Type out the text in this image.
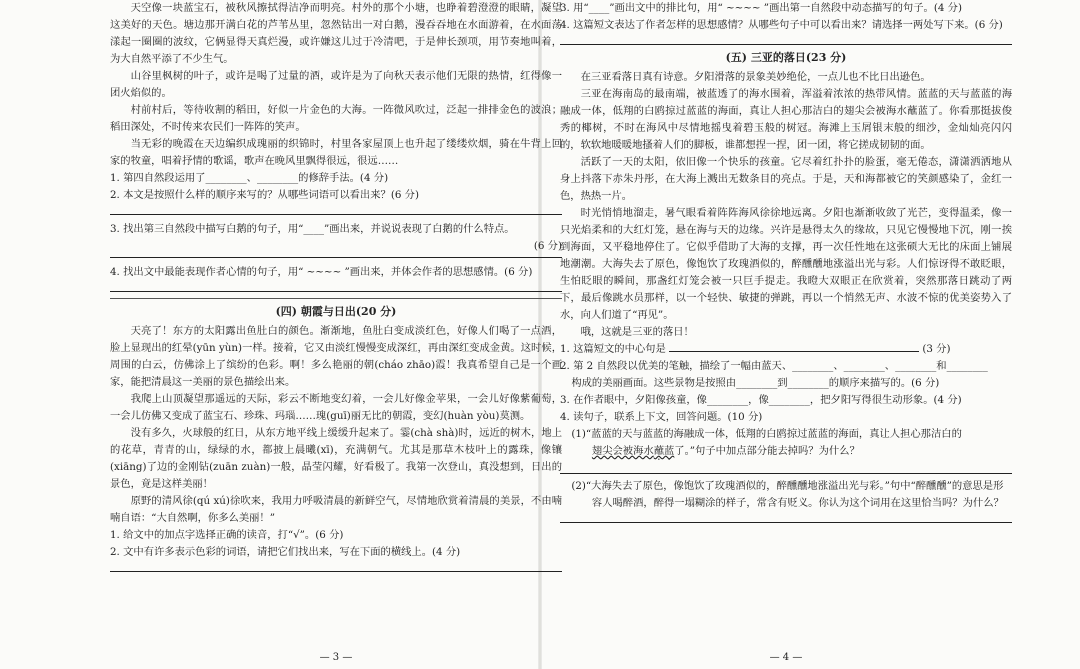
天空像一块蓝宝石，被秋风擦拭得洁净而明亮。村外的那个小塘，也睁着碧澄澄的眼睛，凝望这美好的天色。塘边那开满白花的芦苇丛里，忽然钻出一对白鹅，漫吞吞地在水面游着，在水面荡漾起一圈圈的波纹，它俩显得天真烂漫，或许嫌这儿过于冷清吧，于是伸长颈项，用节奏地叫着，为大自然平添了不少生气。

山谷里枫树的叶子，或许是喝了过量的酒，或许是为了向秋天表示他们无限的热情，红得像一团火焰似的。

村前村后，等待收割的稻田，好似一片金色的大海。一阵微风吹过，泛起一排排金色的波浪；稻田深处，不时传来农民们一阵阵的笑声。

当无彩的晚霞在天边编织成瑰丽的织锦时，村里各家屋顶上也升起了缕缕炊烟，骑在牛背上回家的牧童，唱着抒情的歌谣，歌声在晚风里飘得很远，很远……

1. 第四自然段运用了________、________的修辞手法。(4 分)

2. 本文是按照什么样的顺序来写的？从哪些词语可以看出来？(6 分)

3. 找出第三自然段中描写白鹅的句子，用“____”画出来，并说说表现了白鹅的什么特点。

(6 分)

4. 找出文中最能表现作者心情的句子，用“ ~~~~ ”画出来，并体会作者的思想感情。(6 分)

(四) 朝霞与日出(20 分)

天亮了！东方的太阳露出鱼肚白的颜色。渐渐地，鱼肚白变成淡红色，好像人们喝了一点酒，脸上显现出的红晕(yūn yùn)一样。接着，它又由淡红慢慢变成深红，再由深红变成金黄。这时候，周围的白云，仿佛涂上了缤纷的色彩。啊！多么艳丽的朝(cháo zhāo)霞！我真希望自己是一个画家，能把清晨这一美丽的景色描绘出来。

我爬上山顶凝望那遥远的天际，彩云不断地变幻着，一会儿好像金苹果，一会儿好像紫葡萄，一会儿仿佛又变成了蓝宝石、珍珠、玛瑙……瑰(guī)丽无比的朝霞，变幻(huàn yòu)莫测。

没有多久，火球般的红日，从东方地平线上缓缓升起来了。霎(chà shà)时，远近的树木，地上的花草，青青的山，绿绿的水，都披上晨曦(xī)，充满朝气。尤其是那草木枝叶上的露珠，像镶(xiāng)了边的金刚钻(zuān zuàn)一般，晶莹闪耀，好看极了。我第一次登山，真没想到，日出的景色，竟是这样美丽！

原野的清风徐(qú xú)徐吹来，我用力呼吸清晨的新鲜空气，尽情地欣赏着清晨的美景，不由喃喃自语：“大自然啊，你多么美丽！”

1. 给文中的加点字选择正确的读音，打“√”。(6 分)

2. 文中有许多表示色彩的词语，请把它们找出来，写在下面的横线上。(4 分)

— 3 —

3. 用“____”画出文中的排比句，用“ ~~~~ ”画出第一自然段中动态描写的句子。(4 分)

4. 这篇短文表达了作者怎样的思想感情？从哪些句子中可以看出来？请选择一两处写下来。(6 分)

(五) 三亚的落日(23 分)

在三亚看落日真有诗意。夕阳滑落的景象美妙绝伦，一点儿也不比日出逊色。

三亚在海南岛的最南端，被蓝透了的海水围着，浑溢着浓浓的热带风情。蓝蓝的天与蓝蓝的海融成一体，低翔的白鸥掠过蓝蓝的海面，真让人担心那洁白的翅尖会被海水蘸蓝了。你看那挺拔俊秀的椰树，不时在海风中尽情地摇曳着碧玉般的树冠。海滩上玉屑银末般的细沙，金灿灿亮闪闪的，软软地暖暖地搔着人们的脚板，谁都想捏一捏，团一团，将它搓成韧韧的面。

活跃了一天的太阳，依旧像一个快乐的孩童。它尽着红扑扑的脸蛋，毫无倦态，潇潇洒洒地从身上抖落下赤朱丹彤，在大海上溅出无数条目的亮点。于是，天和海都被它的笑颜感染了，金红一色，热热一片。

时光悄悄地溜走，暑气眼看着阵阵海风徐徐地远离。夕阳也渐渐收敛了光芒，变得温柔，像一只光焰柔和的大红灯笼，悬在海与天的边缘。兴许是悬得太久的缘故，只见它慢慢地下沉，刚一挨到海面，又平稳地停住了。它似乎借助了大海的支撑，再一次任性地在这张硕大无比的床面上铺展地潮潮。大海失去了原色，像饱饮了玫瑰酒似的，醉醺醺地涨溢出光与彩。人们惊讶得不敢眨眼，生怕眨眼的瞬间，那盏红灯笼会被一只巨手提走。我瞪大双眼正在欣赏着，突然那落日跳动了两下，最后像跳水员那样，以一个轻快、敏捷的弹跳，再以一个悄然无声、水波不惊的优美姿势入了水，向人们道了“再见”。

哦，这就是三亚的落日！

1. 这篇短文的中心句是	(3 分)

2. 第 2 自然段以优美的笔触，描绘了一幅由蓝天、________、________、________和________

构成的美丽画面。这些景物是按照由________到________的顺序来描写的。(6 分)

3. 在作者眼中，夕阳像孩童，像________，像________，把夕阳写得很生动形象。(4 分)

4. 读句子，联系上下文，回答问题。(10 分)

(1)“蓝蓝的天与蓝蓝的海融成一体，低翔的白鸥掠过蓝蓝的海面，真让人担心那洁白的

翅尖会被海水蘸蓝了。”句子中加点部分能去掉吗？为什么？

(2)“大海失去了原色，像饱饮了玫瑰酒似的，醉醺醺地涨溢出光与彩。”句中“醉醺醺”的意思是形容人喝醉酒，醉得一塌糊涂的样子，常含有贬义。你认为这个词用在这里恰当吗？为什么？

— 4 —
